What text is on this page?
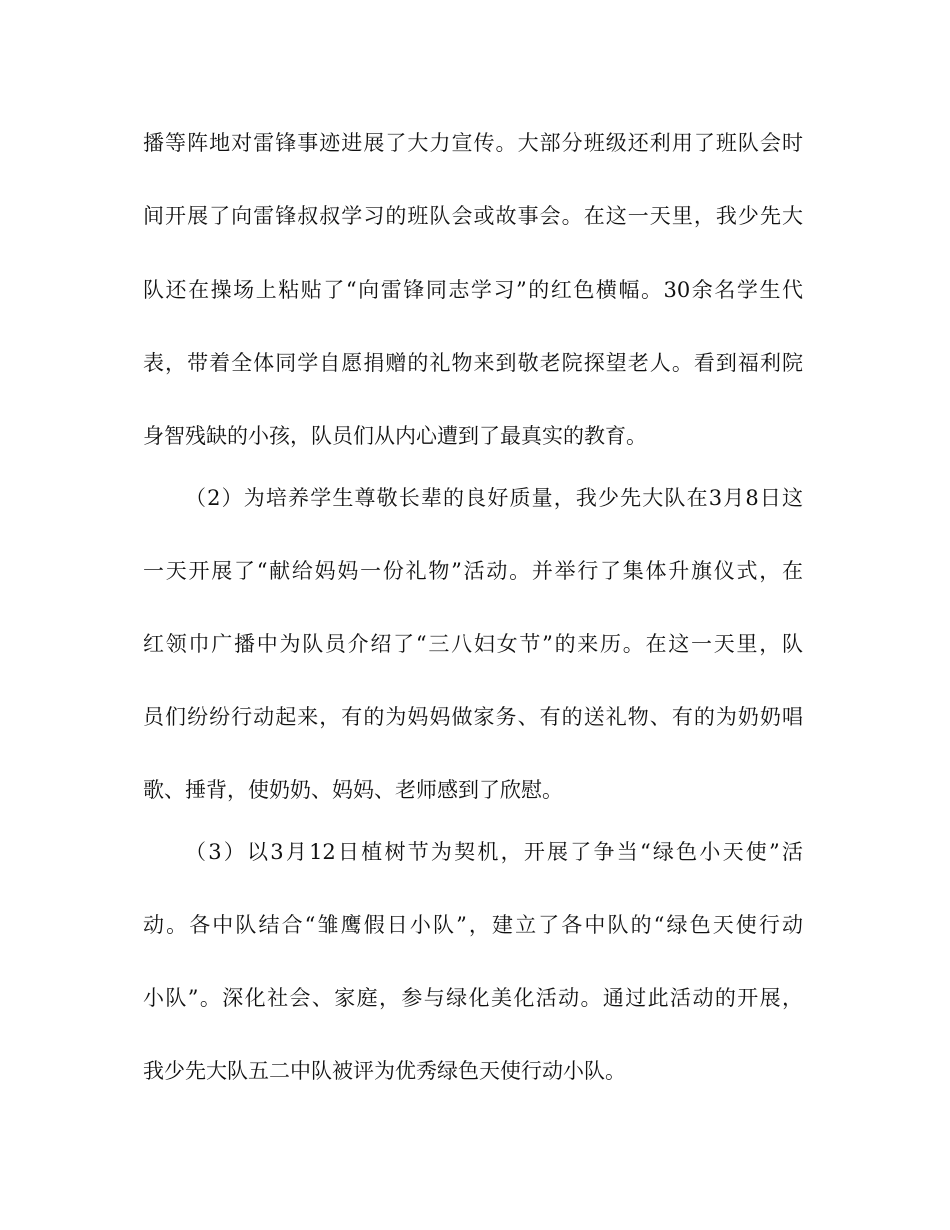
播等阵地对雷锋事迹进展了大力宣传。大部分班级还利用了班队会时
间开展了向雷锋叔叔学习的班队会或故事会。在这一天里，我少先大
队还在操场上粘贴了“向雷锋同志学习”的红色横幅。30余名学生代
表，带着全体同学自愿捐赠的礼物来到敬老院探望老人。看到福利院
身智残缺的小孩，队员们从内心遭到了最真实的教育。
（2）为培养学生尊敬长辈的良好质量，我少先大队在3月8日这
一天开展了“献给妈妈一份礼物”活动。并举行了集体升旗仪式，在
红领巾广播中为队员介绍了“三八妇女节”的来历。在这一天里，队
员们纷纷行动起来，有的为妈妈做家务、有的送礼物、有的为奶奶唱
歌、捶背，使奶奶、妈妈、老师感到了欣慰。
（3）以3月12日植树节为契机，开展了争当“绿色小天使”活
动。各中队结合“雏鹰假日小队”，建立了各中队的“绿色天使行动
小队”。深化社会、家庭，参与绿化美化活动。通过此活动的开展，
我少先大队五二中队被评为优秀绿色天使行动小队。
